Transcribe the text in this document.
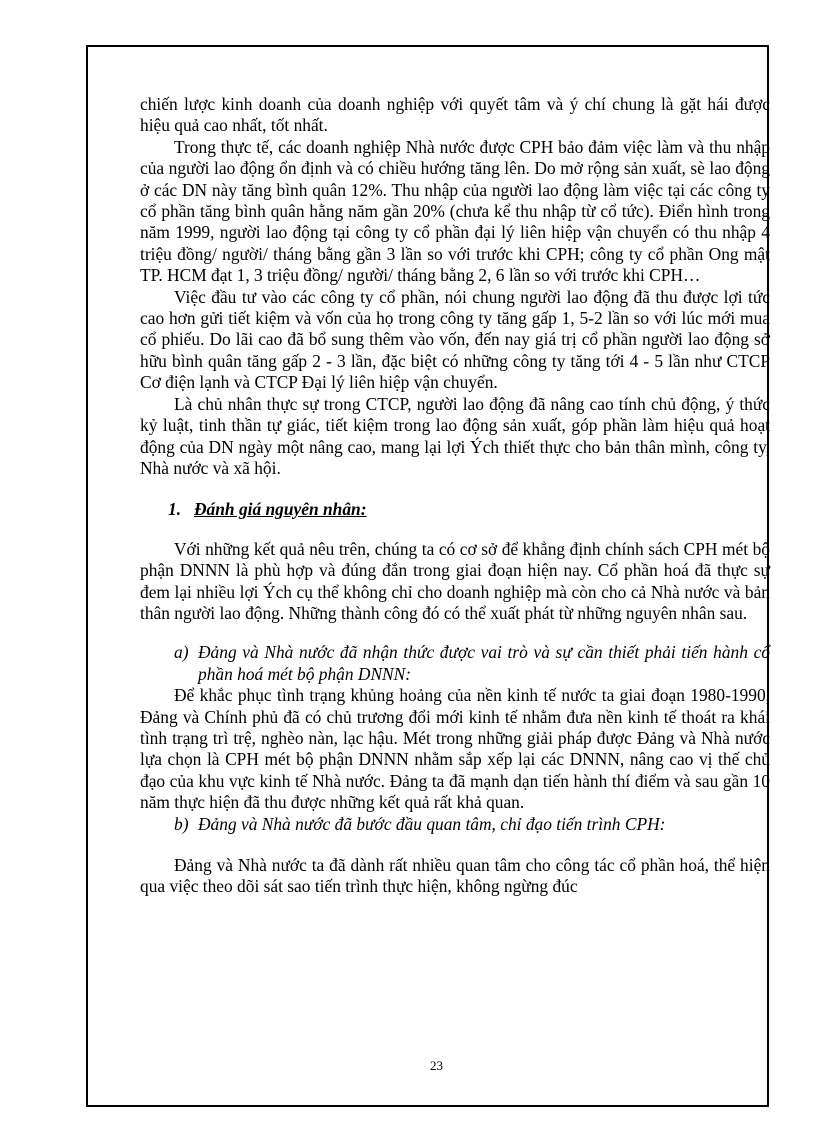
chiến lược kinh doanh của doanh nghiệp với quyết tâm và ý chí chung là gặt hái được hiệu quả cao nhất, tốt nhất.

Trong thực tế, các doanh nghiệp Nhà nước được CPH bảo đảm việc làm và thu nhập của người lao động ổn định và có chiều hướng tăng lên. Do mở rộng sản xuất, sè lao động ở các DN này tăng bình quân 12%. Thu nhập của người lao động làm việc tại các công ty cổ phần tăng bình quân hằng năm gần 20% (chưa kể thu nhập từ cổ tức). Điển hình trong năm 1999, người lao động tại công ty cổ phần đại lý liên hiệp vận chuyển có thu nhập 4 triệu đồng/ người/ tháng bằng gần 3 lần so với trước khi CPH; công ty cổ phần Ong mật TP. HCM đạt 1, 3 triệu đồng/ người/ tháng bằng 2, 6 lần so với trước khi CPH…

Việc đầu tư vào các công ty cổ phần, nói chung người lao động đã thu được lợi tức cao hơn gửi tiết kiệm và vốn của họ trong công ty tăng gấp 1, 5-2 lần so với lúc mới mua cổ phiếu. Do lãi cao đã bổ sung thêm vào vốn, đến nay giá trị cổ phần người lao động sở hữu bình quân tăng gấp 2 - 3 lần, đặc biệt có những công ty tăng tới 4 - 5 lần như CTCP Cơ điện lạnh và CTCP Đại lý liên hiệp vận chuyển.

Là chủ nhân thực sự trong CTCP, người lao động đã nâng cao tính chủ động, ý thức kỷ luật, tinh thần tự giác, tiết kiệm trong lao động sản xuất, góp phần làm hiệu quả hoạt động của DN ngày một nâng cao, mang lại lợi Ých thiết thực cho bản thân mình, công ty, Nhà nước và xã hội.

1. Đánh giá nguyên nhân:

Với những kết quả nêu trên, chúng ta có cơ sở để khẳng định chính sách CPH mét bộ phận DNNN là phù hợp và đúng đắn trong giai đoạn hiện nay. Cổ phần hoá đã thực sự đem lại nhiều lợi Ých cụ thể không chỉ cho doanh nghiệp mà còn cho cả Nhà nước và bản thân người lao động. Những thành công đó có thể xuất phát từ những nguyên nhân sau.

a) Đảng và Nhà nước đã nhận thức được vai trò và sự cần thiết phải tiến hành cổ phần hoá mét bộ phận DNNN:

Để khắc phục tình trạng khủng hoảng của nền kinh tế nước ta giai đoạn 1980-1990, Đảng và Chính phủ đã có chủ trương đổi mới kinh tế nhằm đưa nền kinh tế thoát ra khái tình trạng trì trệ, nghèo nàn, lạc hậu. Mét trong những giải pháp được Đảng và Nhà nước lựa chọn là CPH mét bộ phận DNNN nhằm sắp xếp lại các DNNN, nâng cao vị thế chủ đạo của khu vực kinh tế Nhà nước. Đảng ta đã mạnh dạn tiến hành thí điểm và sau gần 10 năm thực hiện đã thu được những kết quả rất khả quan.

b) Đảng và Nhà nước đã bước đầu quan tâm, chỉ đạo tiến trình CPH:

Đảng và Nhà nước ta đã dành rất nhiều quan tâm cho công tác cổ phần hoá, thể hiện qua việc theo dõi sát sao tiến trình thực hiện, không ngừng đúc

23
